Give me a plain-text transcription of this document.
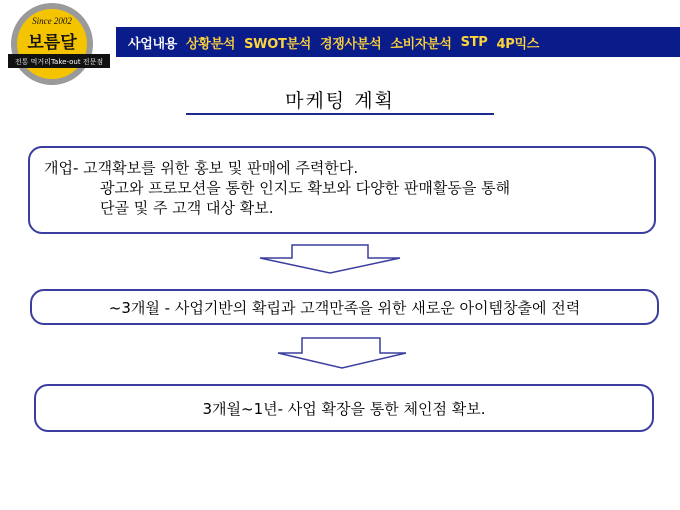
Since 2002
보름달
전통 먹거리Take-out 전문점
사업내용 상황분석 SWOT분석 경쟁사분석 소비자분석 STP 4P믹스
마케팅 계획
개업- 고객확보를 위한 홍보 및 판매에 주력한다.
광고와 프로모션을 통한 인지도 확보와 다양한 판매활동을 통해
단골 및 주 고객 대상 확보.
~3개월 - 사업기반의 확립과 고객만족을 위한 새로운 아이템창출에 전력
3개월~1년- 사업 확장을 통한 체인점 확보.
